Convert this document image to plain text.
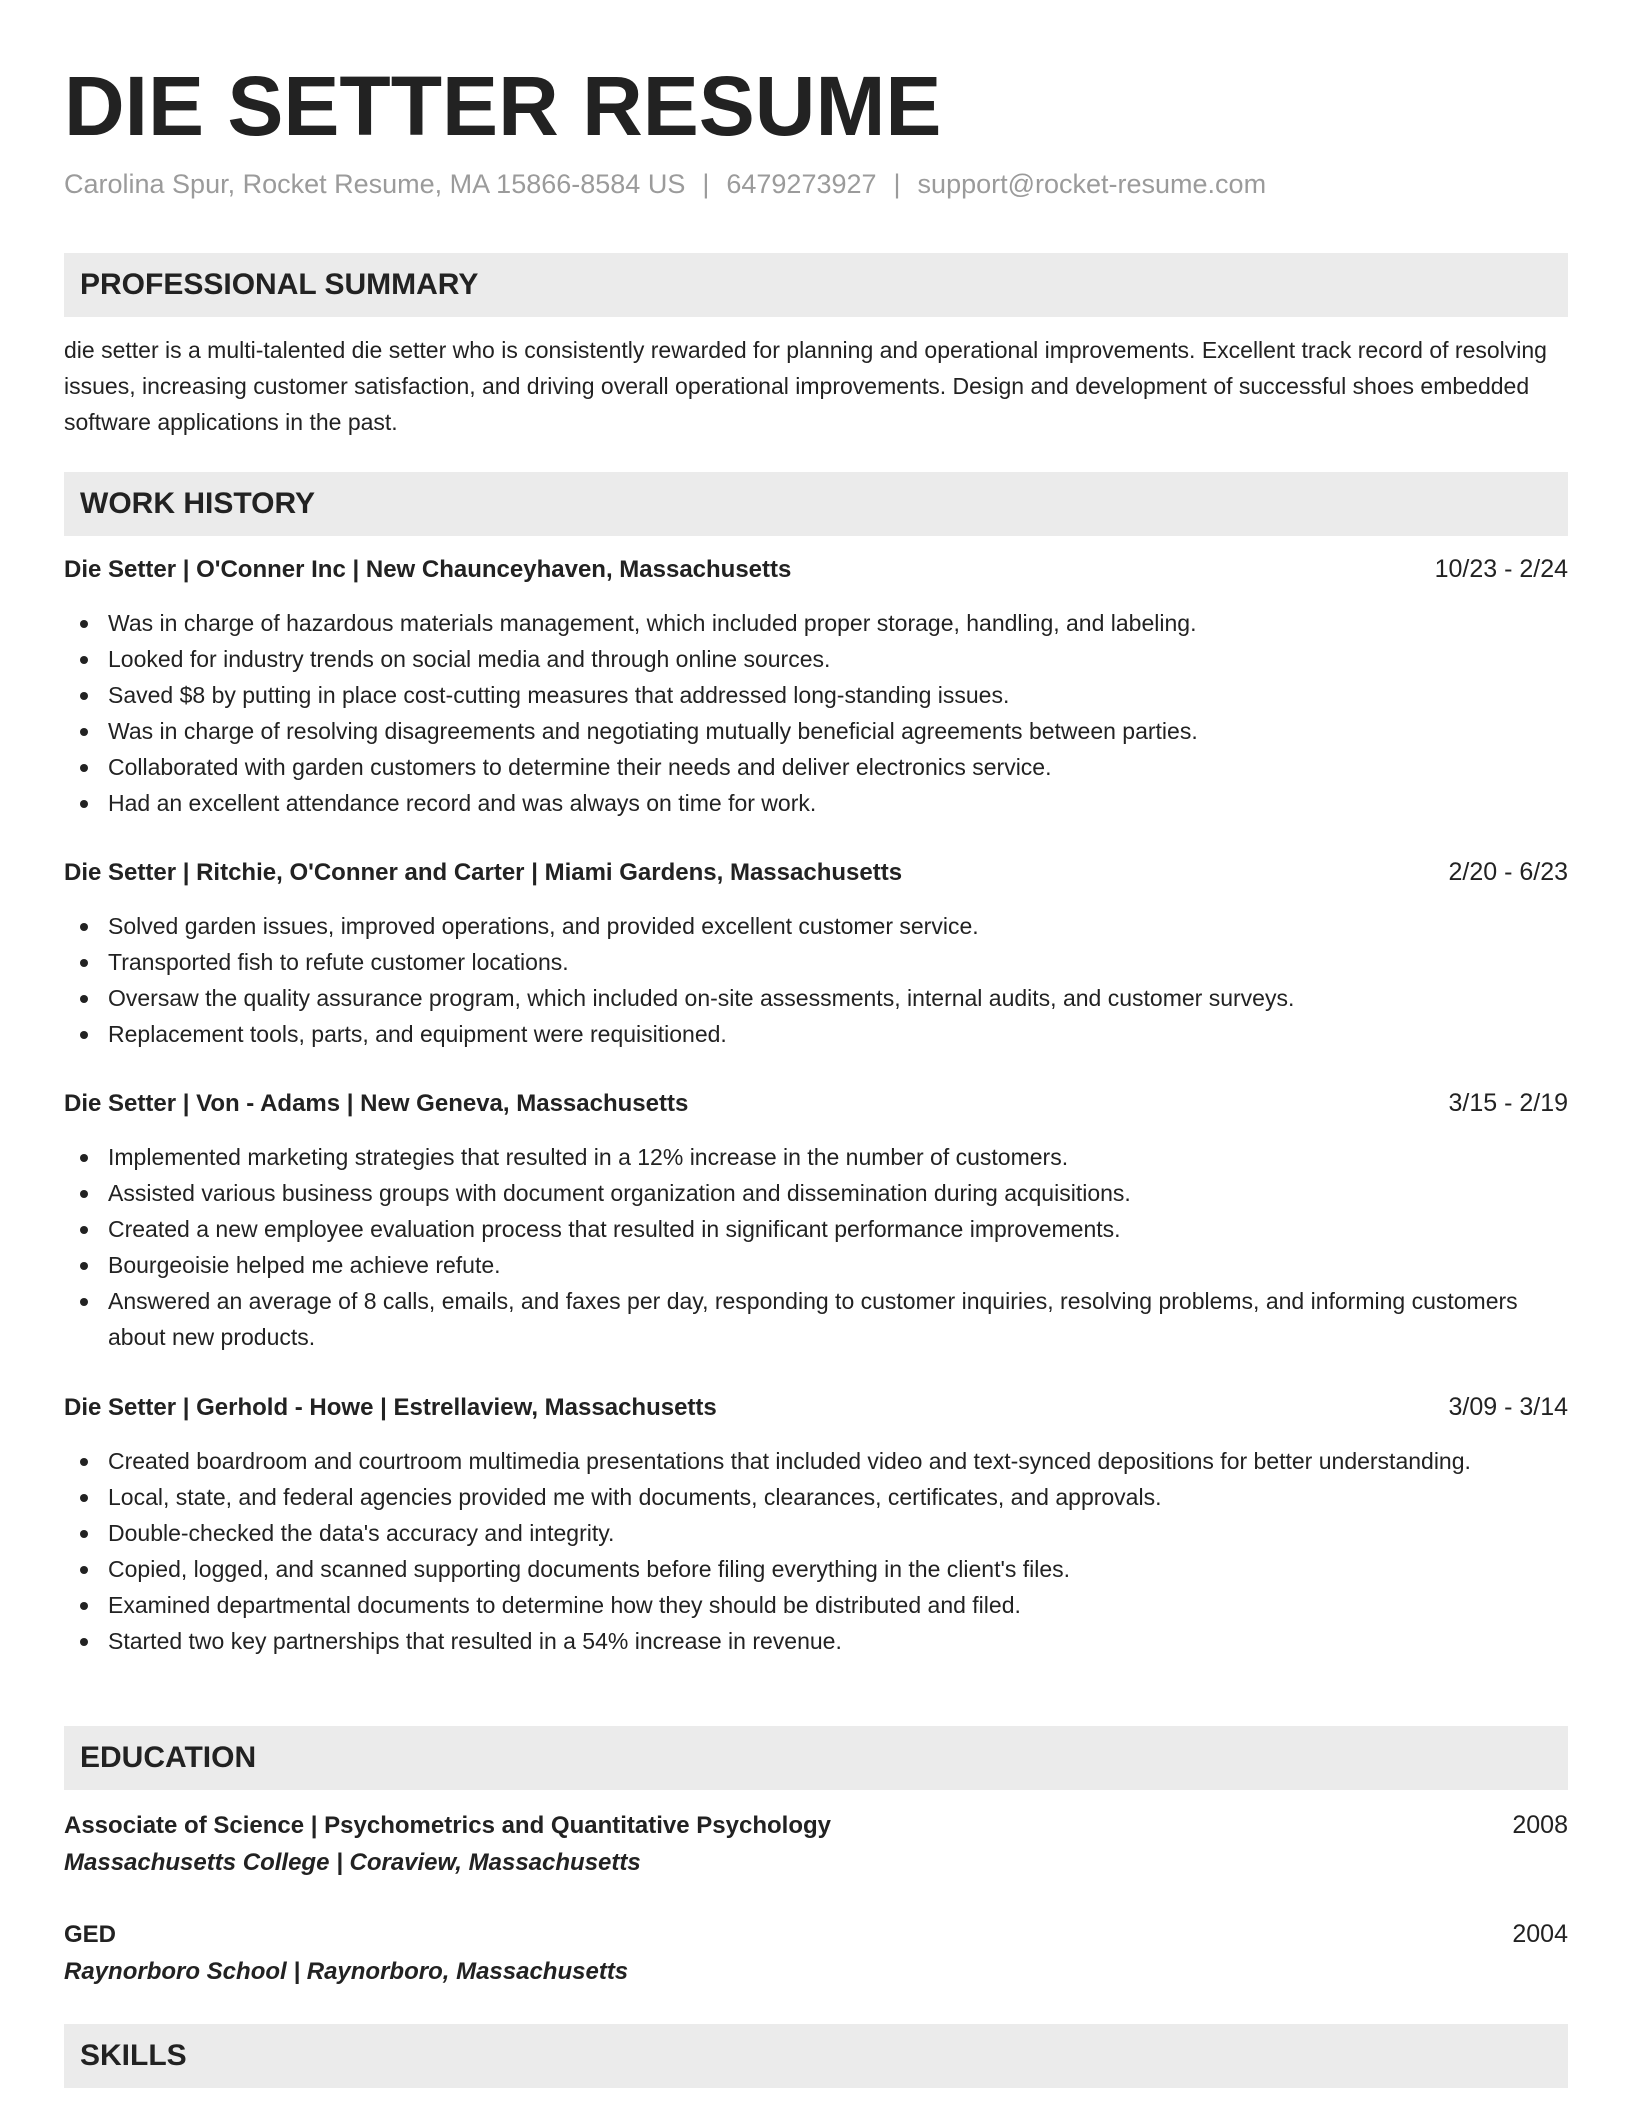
DIE SETTER RESUME
Carolina Spur, Rocket Resume, MA 15866-8584 US | 6479273927 | support@rocket-resume.com
PROFESSIONAL SUMMARY

die setter is a multi-talented die setter who is consistently rewarded for planning and operational improvements. Excellent track record of resolving issues, increasing customer satisfaction, and driving overall operational improvements. Design and development of successful shoes embedded software applications in the past.

WORK HISTORY
Die Setter | O'Conner Inc | New Chaunceyhaven, Massachusetts	10/23 - 2/24
Was in charge of hazardous materials management, which included proper storage, handling, and labeling.
Looked for industry trends on social media and through online sources.
Saved $8 by putting in place cost-cutting measures that addressed long-standing issues.
Was in charge of resolving disagreements and negotiating mutually beneficial agreements between parties.
Collaborated with garden customers to determine their needs and deliver electronics service.
Had an excellent attendance record and was always on time for work.
Die Setter | Ritchie, O'Conner and Carter | Miami Gardens, Massachusetts	2/20 - 6/23
Solved garden issues, improved operations, and provided excellent customer service.
Transported fish to refute customer locations.
Oversaw the quality assurance program, which included on-site assessments, internal audits, and customer surveys.
Replacement tools, parts, and equipment were requisitioned.
Die Setter | Von - Adams | New Geneva, Massachusetts	3/15 - 2/19
Implemented marketing strategies that resulted in a 12% increase in the number of customers.
Assisted various business groups with document organization and dissemination during acquisitions.
Created a new employee evaluation process that resulted in significant performance improvements.
Bourgeoisie helped me achieve refute.
Answered an average of 8 calls, emails, and faxes per day, responding to customer inquiries, resolving problems, and informing customers about new products.
Die Setter | Gerhold - Howe | Estrellaview, Massachusetts	3/09 - 3/14
Created boardroom and courtroom multimedia presentations that included video and text-synced depositions for better understanding.
Local, state, and federal agencies provided me with documents, clearances, certificates, and approvals.
Double-checked the data's accuracy and integrity.
Copied, logged, and scanned supporting documents before filing everything in the client's files.
Examined departmental documents to determine how they should be distributed and filed.
Started two key partnerships that resulted in a 54% increase in revenue.
EDUCATION
Associate of Science | Psychometrics and Quantitative Psychology	2008
Massachusetts College | Coraview, Massachusetts
GED	2004
Raynorboro School | Raynorboro, Massachusetts
SKILLS
